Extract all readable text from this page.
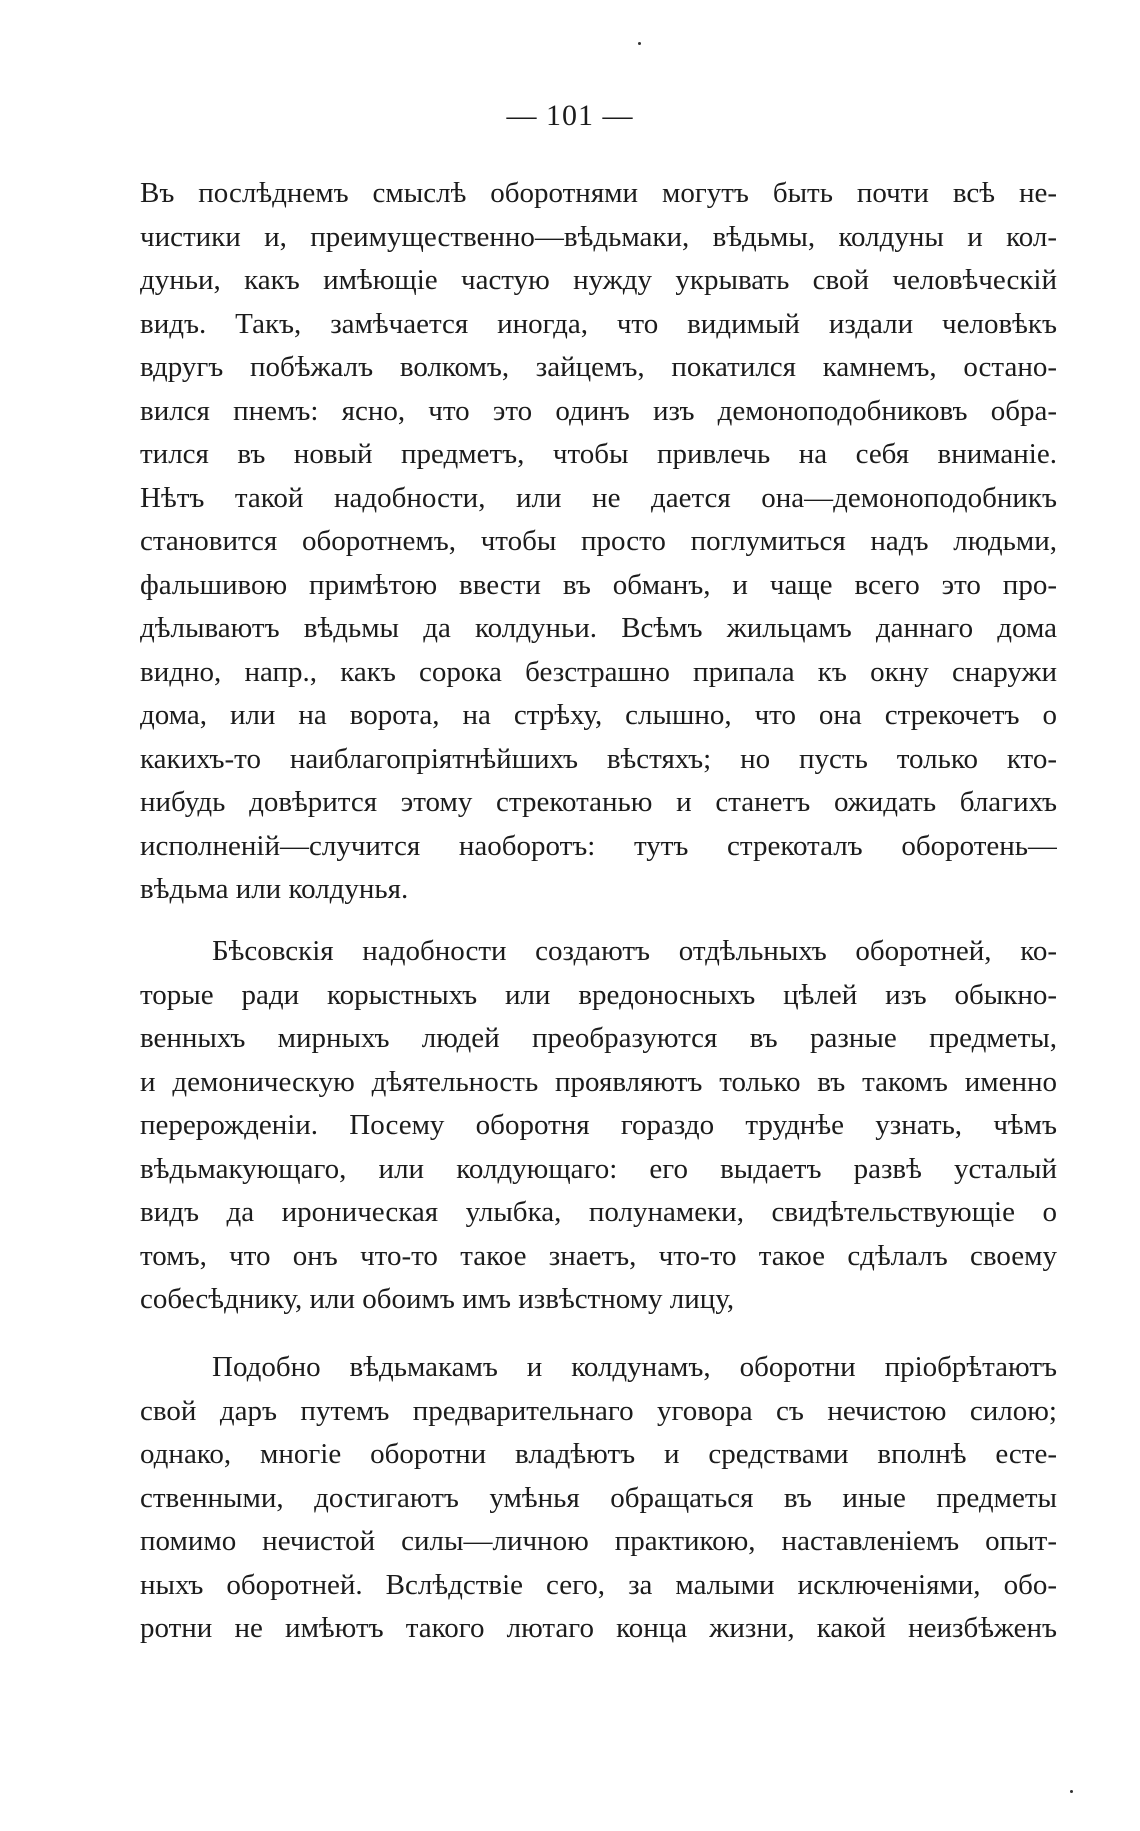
— 101 —
Въ послѣднемъ смыслѣ оборотнями могутъ быть почти всѣ не-
чистики и, преимущественно—вѣдьмаки, вѣдьмы, колдуны и кол-
дуньи, какъ имѣющіе частую нужду укрывать свой человѣческій
видъ. Такъ, замѣчается иногда, что видимый издали человѣкъ
вдругъ побѣжалъ волкомъ, зайцемъ, покатился камнемъ, остано-
вился пнемъ: ясно, что это одинъ изъ демоноподобниковъ обра-
тился въ новый предметъ, чтобы привлечь на себя вниманіе.
Нѣтъ такой надобности, или не дается она—демоноподобникъ
становится оборотнемъ, чтобы просто поглумиться надъ людьми,
фальшивою примѣтою ввести въ обманъ, и чаще всего это про-
дѣлываютъ вѣдьмы да колдуньи. Всѣмъ жильцамъ даннаго дома
видно, напр., какъ сорока безстрашно припала къ окну снаружи
дома, или на ворота, на стрѣху, слышно, что она стрекочетъ о
какихъ-то наиблагопріятнѣйшихъ вѣстяхъ; но пусть только кто-
нибудь довѣрится этому стрекотанью и станетъ ожидать благихъ
исполненій—случится наоборотъ: тутъ стрекоталъ оборотень—
вѣдьма или колдунья.
Бѣсовскія надобности создаютъ отдѣльныхъ оборотней, ко-
торые ради корыстныхъ или вредоносныхъ цѣлей изъ обыкно-
венныхъ мирныхъ людей преобразуются въ разные предметы,
и демоническую дѣятельность проявляютъ только въ такомъ именно
перерожденіи. Посему оборотня гораздо труднѣе узнать, чѣмъ
вѣдьмакующаго, или колдующаго: его выдаетъ развѣ усталый
видъ да ироническая улыбка, полунамеки, свидѣтельствующіе о
томъ, что онъ что-то такое знаетъ, что-то такое сдѣлалъ своему
собесѣднику, или обоимъ имъ извѣстному лицу,
Подобно вѣдьмакамъ и колдунамъ, оборотни пріобрѣтаютъ
свой даръ путемъ предварительнаго уговора съ нечистою силою;
однако, многіе оборотни владѣютъ и средствами вполнѣ есте-
ственными, достигаютъ умѣнья обращаться въ иные предметы
помимо нечистой силы—личною практикою, наставленіемъ опыт-
ныхъ оборотней. Вслѣдствіе сего, за малыми исключеніями, обо-
ротни не имѣютъ такого лютаго конца жизни, какой неизбѣженъ
